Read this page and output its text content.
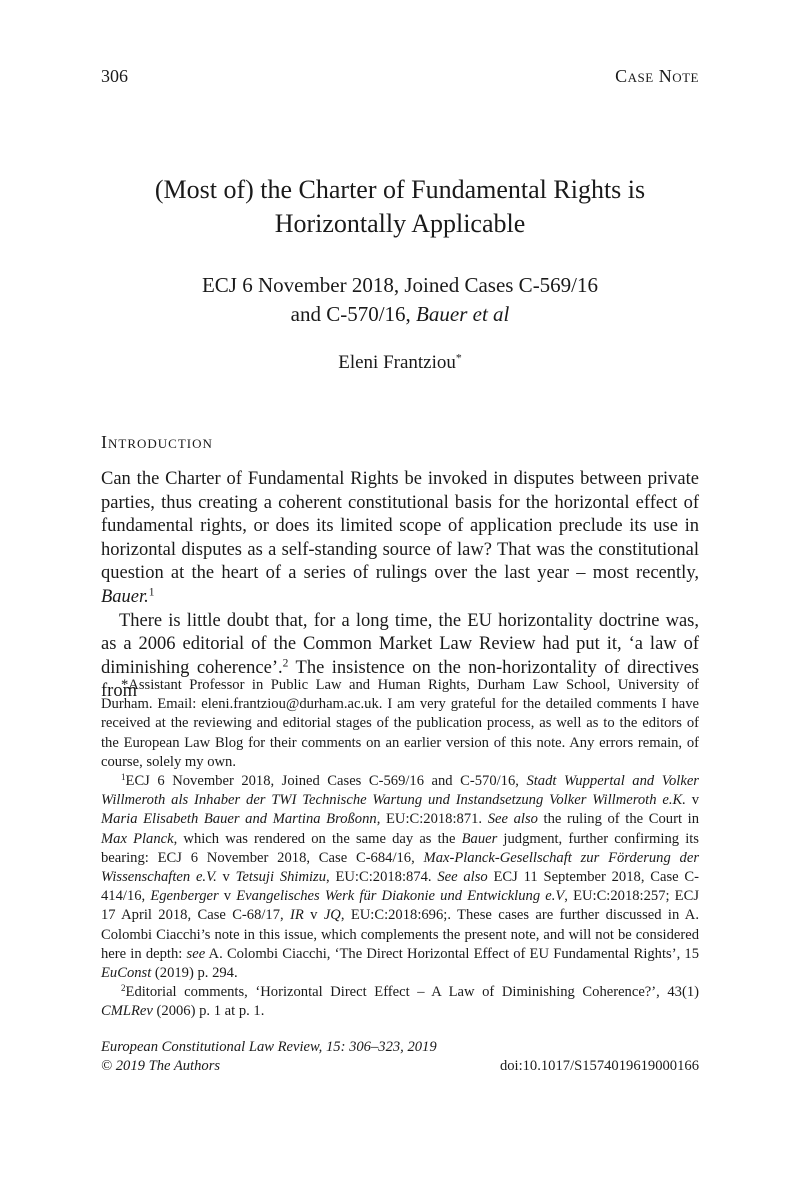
306	Case Note
(Most of) the Charter of Fundamental Rights is
Horizontally Applicable
ECJ 6 November 2018, Joined Cases C-569/16
and C-570/16, Bauer et al
Eleni Frantziou*
Introduction

Can the Charter of Fundamental Rights be invoked in disputes between private parties, thus creating a coherent constitutional basis for the horizontal effect of fundamental rights, or does its limited scope of application preclude its use in horizontal disputes as a self-standing source of law? That was the constitutional question at the heart of a series of rulings over the last year – most recently, Bauer.$^1$

There is little doubt that, for a long time, the EU horizontality doctrine was, as a 2006 editorial of the Common Market Law Review had put it, ‘a law of diminishing coherence’.$^2$ The insistence on the non-horizontality of directives from

*Assistant Professor in Public Law and Human Rights, Durham Law School, University of Durham. Email: eleni.frantziou@durham.ac.uk. I am very grateful for the detailed comments I have received at the reviewing and editorial stages of the publication process, as well as to the editors of the European Law Blog for their comments on an earlier version of this note. Any errors remain, of course, solely my own.

$^1$ECJ 6 November 2018, Joined Cases C-569/16 and C-570/16, Stadt Wuppertal and Volker Willmeroth als Inhaber der TWI Technische Wartung und Instandsetzung Volker Willmeroth e.K. v Maria Elisabeth Bauer and Martina Broßonn, EU:C:2018:871. See also the ruling of the Court in Max Planck, which was rendered on the same day as the Bauer judgment, further confirming its bearing: ECJ 6 November 2018, Case C-684/16, Max-Planck-Gesellschaft zur Förderung der Wissenschaften e.V. v Tetsuji Shimizu, EU:C:2018:874. See also ECJ 11 September 2018, Case C-414/16, Egenberger v Evangelisches Werk für Diakonie und Entwicklung e.V, EU:C:2018:257; ECJ 17 April 2018, Case C-68/17, IR v JQ, EU:C:2018:696;. These cases are further discussed in A. Colombi Ciacchi’s note in this issue, which complements the present note, and will not be considered here in depth: see A. Colombi Ciacchi, ‘The Direct Horizontal Effect of EU Fundamental Rights’, 15 EuConst (2019) p. 294.

$^2$Editorial comments, ‘Horizontal Direct Effect – A Law of Diminishing Coherence?’, 43(1) CMLRev (2006) p. 1 at p. 1.

European Constitutional Law Review, 15: 306–323, 2019
© 2019 The Authors	doi:10.1017/S1574019619000166
